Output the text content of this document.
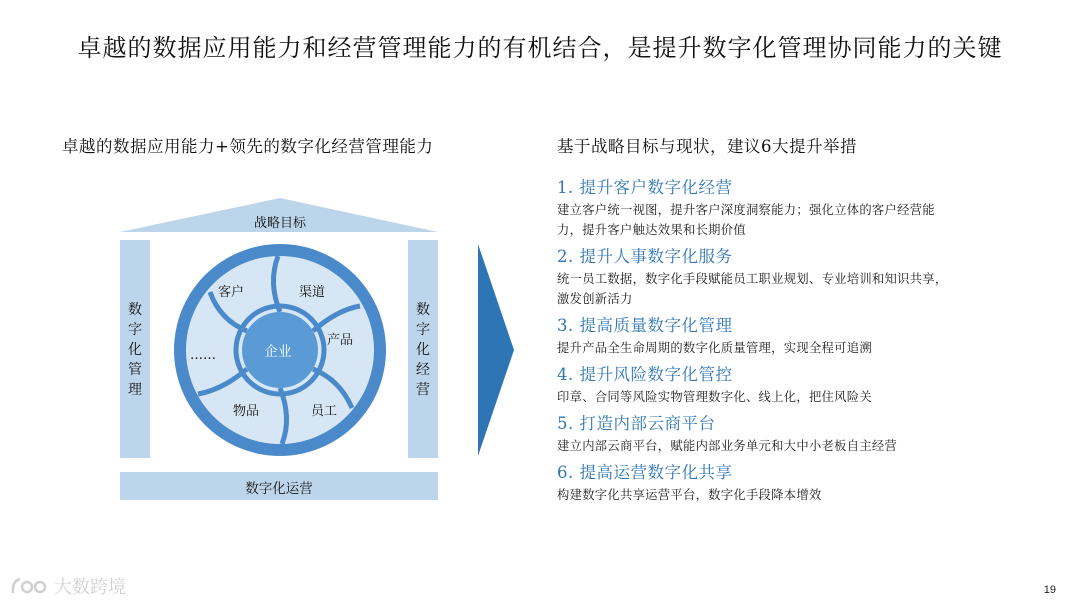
卓越的数据应用能力和经营管理能力的有机结合，是提升数字化管理协同能力的关键
卓越的数据应用能力+领先的数字化经营管理能力
战略目标
数
字
化
管
理
数
字
化
经
营
数字化运营
客户	渠道
产品
员工
物品
……	企业
基于战略目标与现状，建议6大提升举措
1. 提升客户数字化经营
建立客户统一视图，提升客户深度洞察能力；强化立体的客户经营能
力，提升客户触达效果和长期价值
2. 提升人事数字化服务
统一员工数据，数字化手段赋能员工职业规划、专业培训和知识共享，
激发创新活力
3. 提高质量数字化管理
提升产品全生命周期的数字化质量管理，实现全程可追溯
4. 提升风险数字化管控
印章、合同等风险实物管理数字化、线上化，把住风险关
5. 打造内部云商平台
建立内部云商平台，赋能内部业务单元和大中小老板自主经营
6. 提高运营数字化共享
构建数字化共享运营平台，数字化手段降本增效
大数跨境	19
